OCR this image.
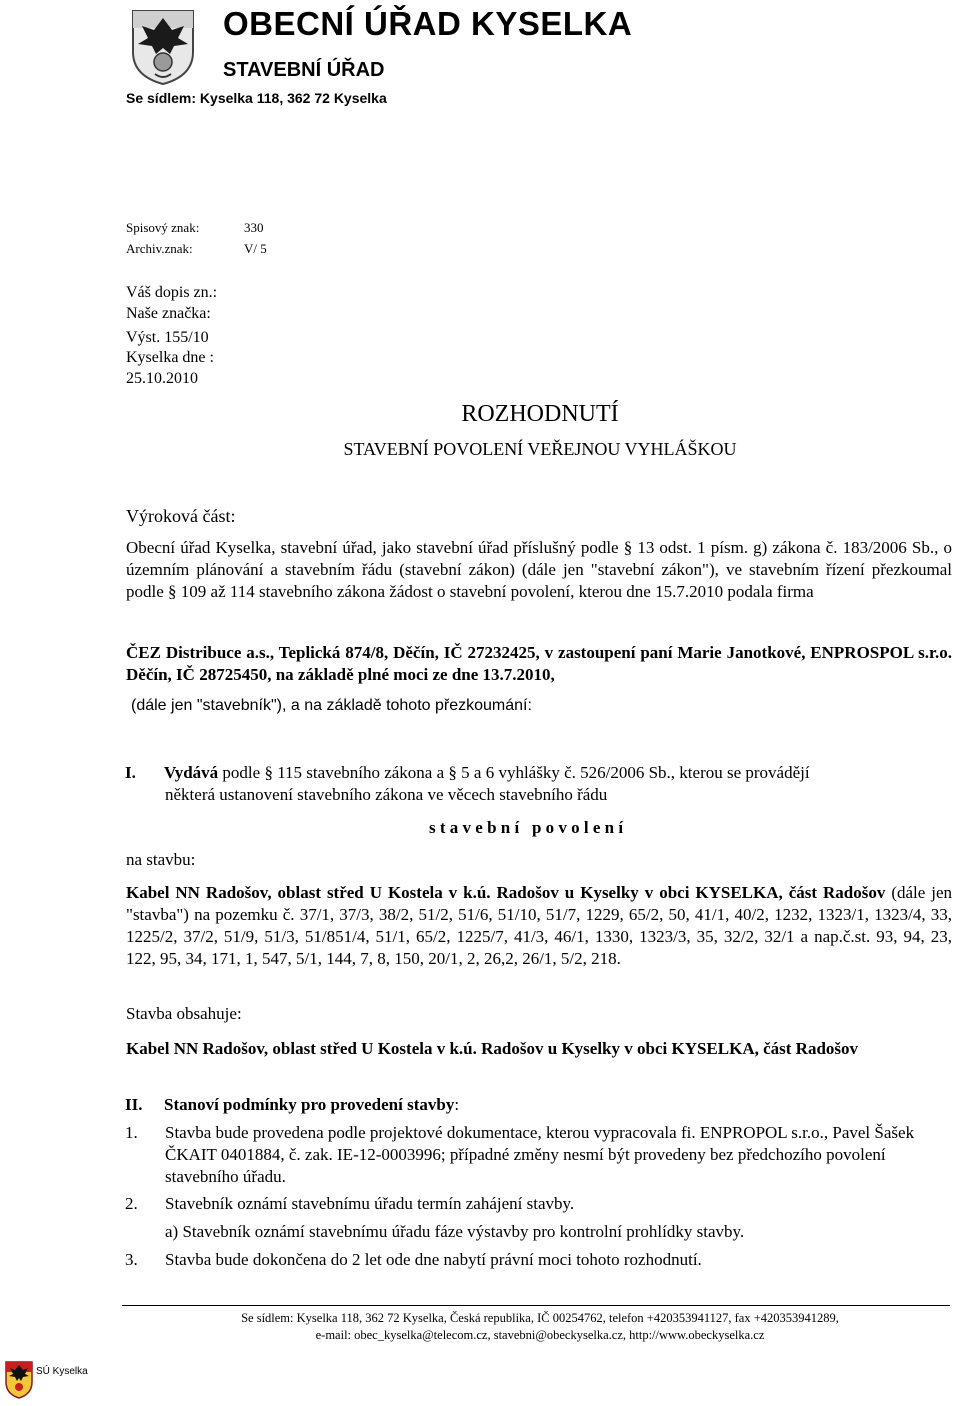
OBECNÍ ÚŘAD KYSELKA
STAVEBNÍ ÚŘAD
Se sídlem: Kyselka 118, 362 72 Kyselka
Spisový znak:	330
Archiv.znak:	V/ 5
Váš dopis zn.:
Naše značka:
Výst. 155/10
Kyselka dne :
25.10.2010
ROZHODNUTÍ
STAVEBNÍ POVOLENÍ VEŘEJNOU VYHLÁŠKOU
Výroková část:

Obecní úřad Kyselka, stavební úřad, jako stavební úřad příslušný podle § 13 odst. 1 písm. g) zákona č. 183/2006 Sb., o územním plánování a stavebním řádu (stavební zákon) (dále jen "stavební zákon"), ve stavebním řízení přezkoumal podle § 109 až 114 stavebního zákona žádost o stavební povolení, kterou dne 15.7.2010 podala firma

ČEZ Distribuce a.s., Teplická 874/8, Děčín, IČ 27232425, v zastoupení paní Marie Janotkové, ENPROSPOL s.r.o. Děčín, IČ 28725450, na základě plné moci ze dne 13.7.2010,

(dále jen "stavebník"), a na základě tohoto přezkoumání:
I. Vydává podle § 115 stavebního zákona a § 5 a 6 vyhlášky č. 526/2006 Sb., kterou se provádějí
některá ustanovení stavebního zákona ve věcech stavebního řádu
s t a v e b n í   p o v o l e n í
na stavbu:

Kabel NN Radošov, oblast střed U Kostela v k.ú. Radošov u Kyselky v obci KYSELKA, část Radošov (dále jen "stavba") na pozemku č. 37/1, 37/3, 38/2, 51/2, 51/6, 51/10, 51/7, 1229, 65/2, 50, 41/1, 40/2, 1232, 1323/1, 1323/4, 33, 1225/2, 37/2, 51/9, 51/3, 51/851/4, 51/1, 65/2, 1225/7, 41/3, 46/1, 1330, 1323/3, 35, 32/2, 32/1 a nap.č.st. 93, 94, 23, 122, 95, 34, 171, 1, 547, 5/1, 144, 7, 8, 150, 20/1, 2, 26,2, 26/1, 5/2, 218.

Stavba obsahuje:

Kabel NN Radošov, oblast střed U Kostela v k.ú. Radošov u Kyselky v obci KYSELKA, část Radošov

II. Stanoví podmínky pro provedení stavby:
1. Stavba bude provedena podle projektové dokumentace, kterou vypracovala fi. ENPROPOL s.r.o., Pavel Šašek ČKAIT 0401884, č. zak. IE-12-0003996; případné změny nesmí být provedeny bez předchozího povolení stavebního úřadu.
2. Stavebník oznámí stavebnímu úřadu termín zahájení stavby.
a) Stavebník oznámí stavebnímu úřadu fáze výstavby pro kontrolní prohlídky stavby.
3. Stavba bude dokončena do 2 let ode dne nabytí právní moci tohoto rozhodnutí.
Se sídlem: Kyselka 118, 362 72 Kyselka, Česká republika, IČ 00254762, telefon +420353941127, fax +420353941289,
e-mail: obec_kyselka@telecom.cz, stavebni@obeckyselka.cz, http://www.obeckyselka.cz
SÚ Kyselka
